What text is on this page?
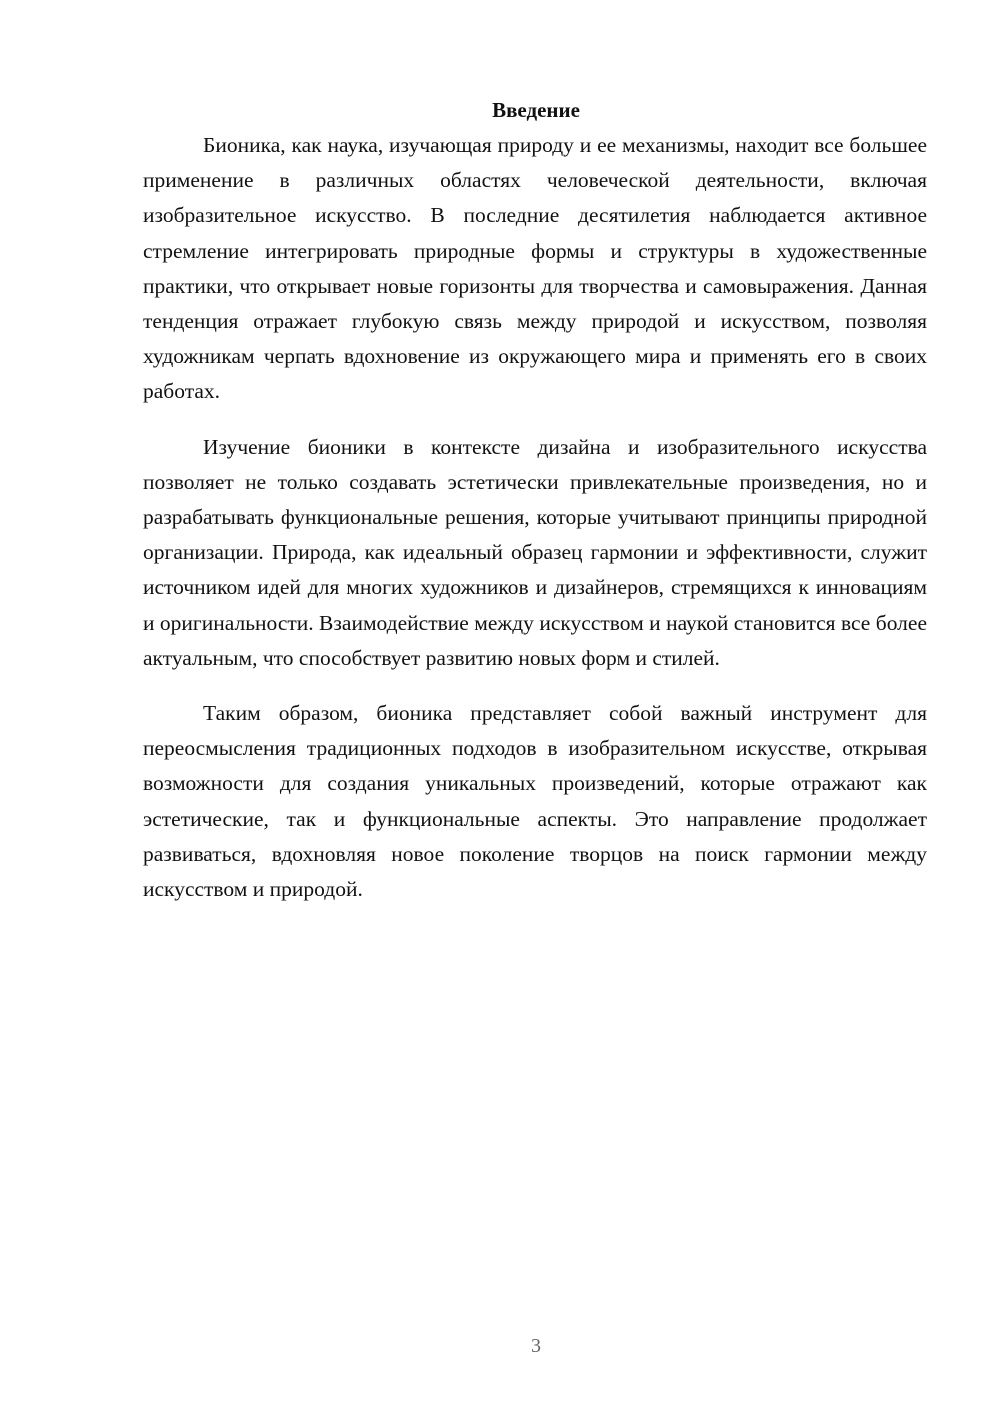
Введение

Бионика, как наука, изучающая природу и ее механизмы, находит все большее применение в различных областях человеческой деятельности, включая изобразительное искусство. В последние десятилетия наблюдается активное стремление интегрировать природные формы и структуры в художественные практики, что открывает новые горизонты для творчества и самовыражения. Данная тенденция отражает глубокую связь между природой и искусством, позволяя художникам черпать вдохновение из окружающего мира и применять его в своих работах.

Изучение бионики в контексте дизайна и изобразительного искусства позволяет не только создавать эстетически привлекательные произведения, но и разрабатывать функциональные решения, которые учитывают принципы природной организации. Природа, как идеальный образец гармонии и эффективности, служит источником идей для многих художников и дизайнеров, стремящихся к инновациям и оригинальности. Взаимодействие между искусством и наукой становится все более актуальным, что способствует развитию новых форм и стилей.

Таким образом, бионика представляет собой важный инструмент для переосмысления традиционных подходов в изобразительном искусстве, открывая возможности для создания уникальных произведений, которые отражают как эстетические, так и функциональные аспекты. Это направление продолжает развиваться, вдохновляя новое поколение творцов на поиск гармонии между искусством и природой.

3
